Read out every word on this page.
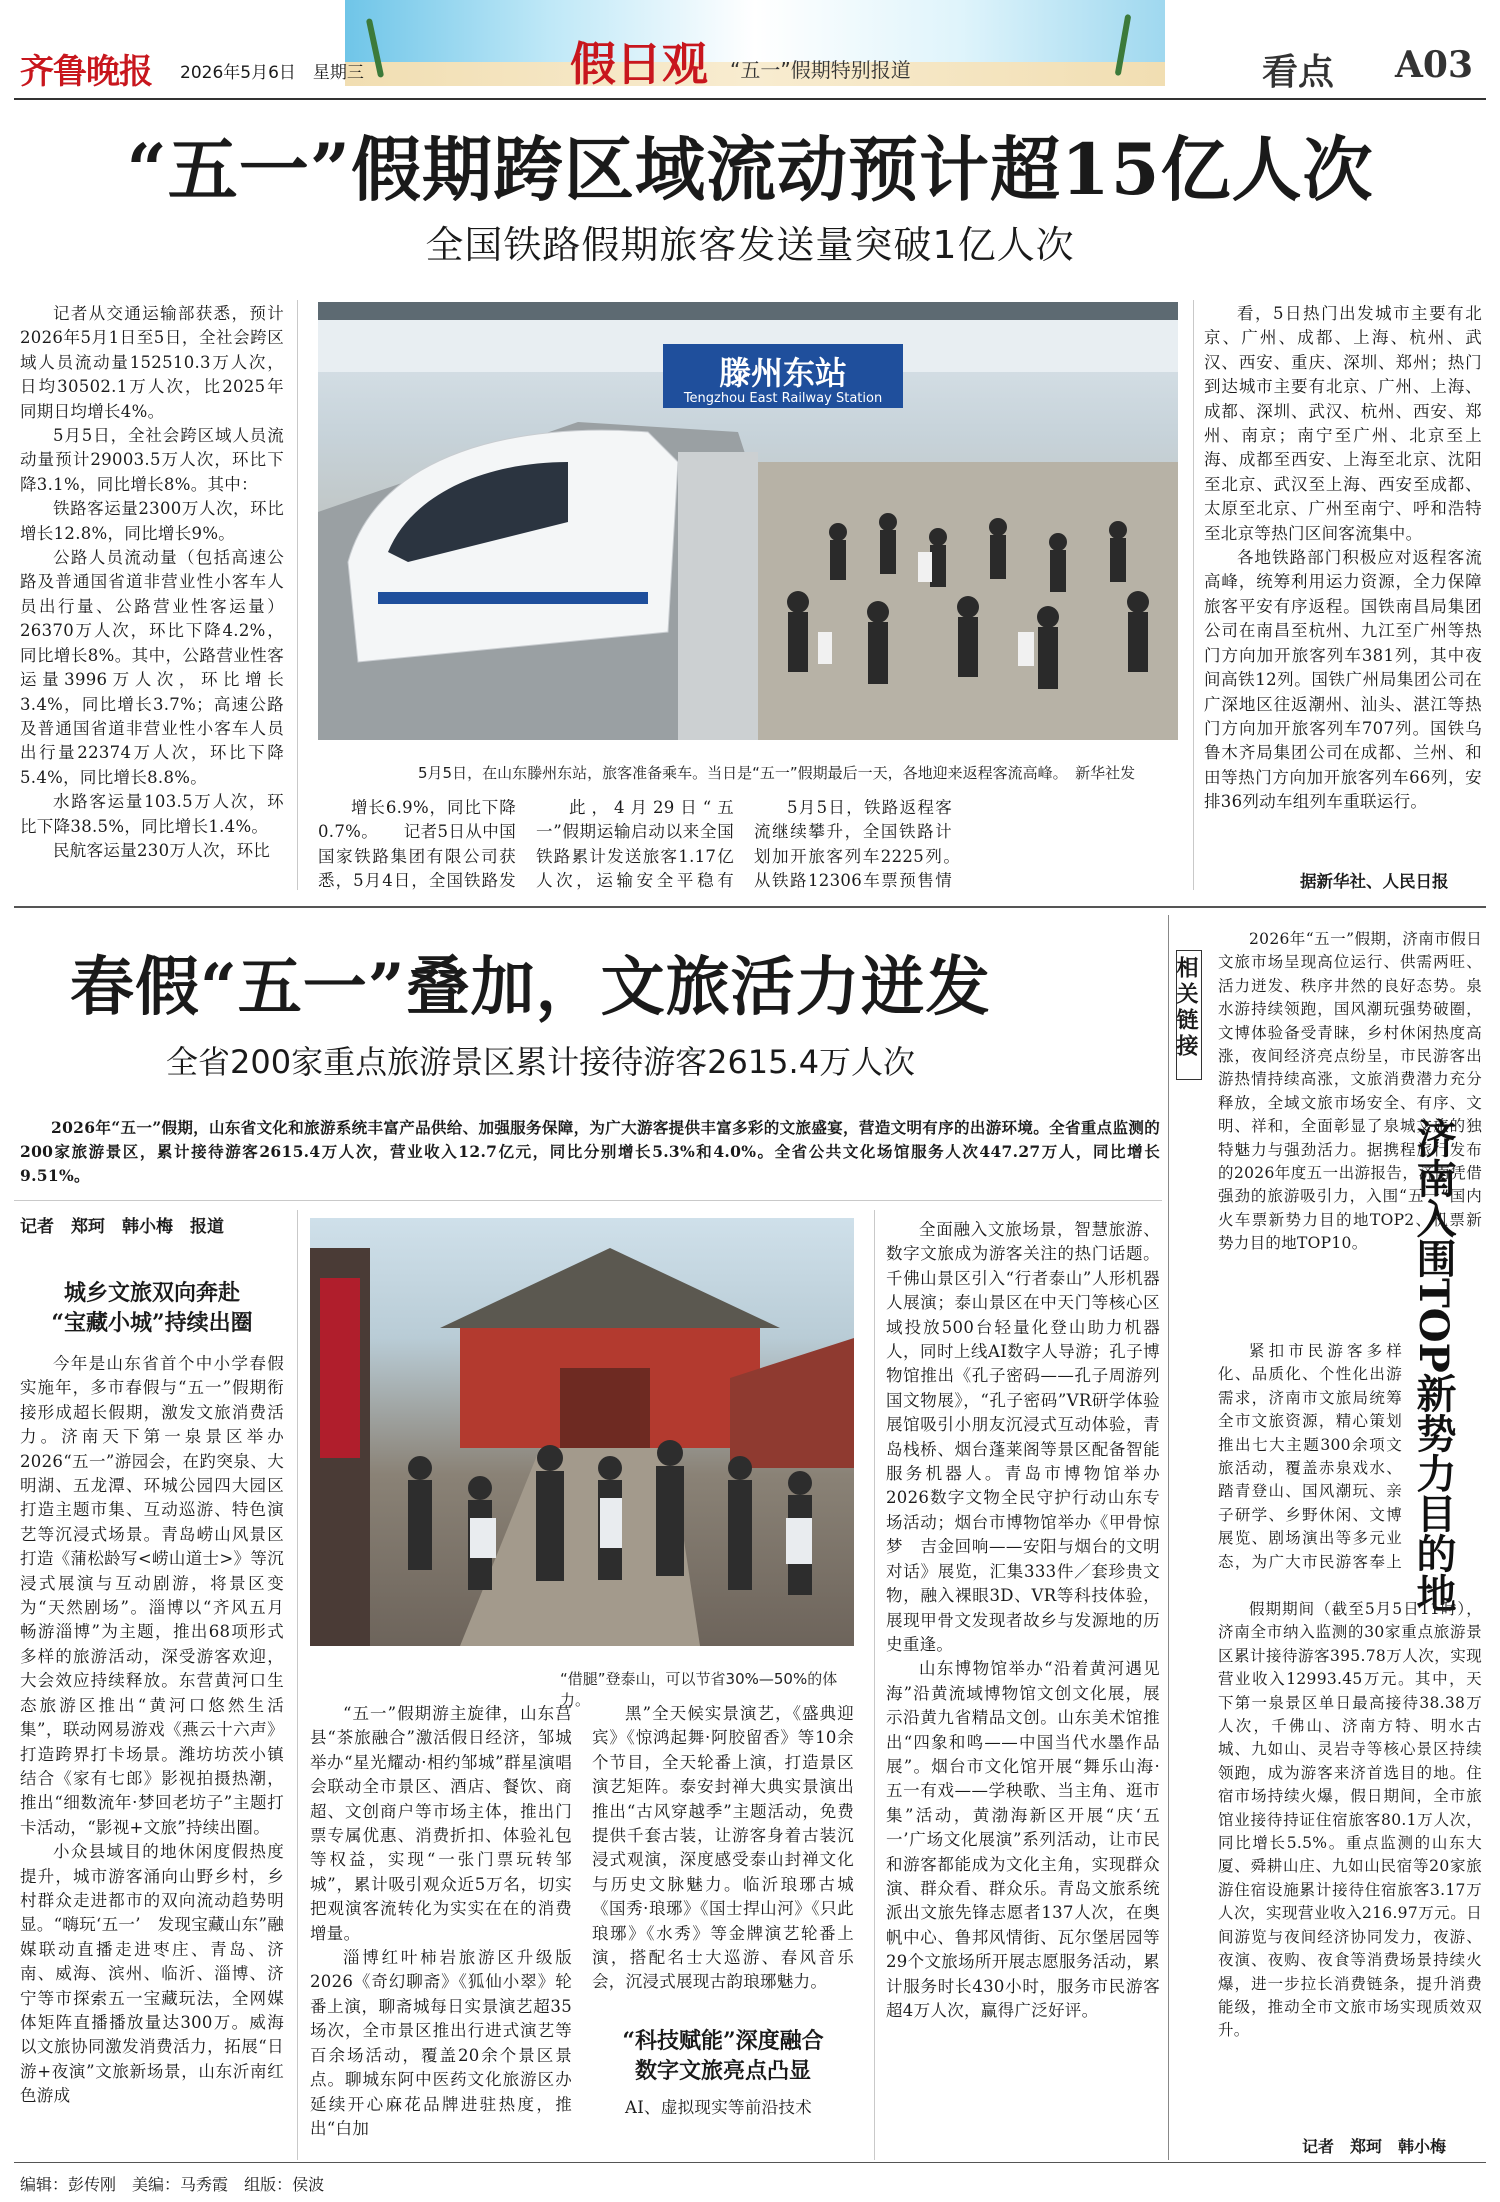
齐鲁晚报 2026年5月6日　 星期三	假日观 “五一”假期特别报道	看点 A03
“五一”假期跨区域流动预计超15亿人次
全国铁路假期旅客发送量突破1亿人次

记者从交通运输部获悉，预计2026年5月1日至5日，全社会跨区域人员流动量152510.3万人次，日均30502.1万人次，比2025年同期日均增长4%。

5月5日，全社会跨区域人员流动量预计29003.5万人次，环比下降3.1%，同比增长8%。其中：

铁路客运量2300万人次，环比增长12.8%，同比增长9%。

公路人员流动量（包括高速公路及普通国省道非营业性小客车人员出行量、公路营业性客运量）26370万人次，环比下降4.2%，同比增长8%。其中，公路营业性客运量3996万人次，环比增长3.4%，同比增长3.7%；高速公路及普通国省道非营业性小客车人员出行量22374万人次，环比下降5.4%，同比增长8.8%。

水路客运量103.5万人次，环比下降38.5%，同比增长1.4%。

民航客运量230万人次，环比

滕州东站
Tengzhou East Railway Station
5月5日，在山东滕州东站，旅客准备乘车。当日是“五一”假期最后一天，各地迎来返程客流高峰。　 新华社发

增长6.9%，同比下降0.7%。　　记者5日从中国国家铁路集团有限公司获悉，5月4日，全国铁路发

此，4月29日“五一”假期运输启动以来全国铁路累计发送旅客1.17亿人次，运输安全平稳有

5月5日，铁路返程客流继续攀升，全国铁路计划加开旅客列车2225列。　　从铁路12306车票预售情

看，5日热门出发城市主要有北京、广州、成都、上海、杭州、武汉、西安、重庆、深圳、郑州；热门到达城市主要有北京、广州、上海、成都、深圳、武汉、杭州、西安、郑州、南京；南宁至广州、北京至上海、成都至西安、上海至北京、沈阳至北京、武汉至上海、西安至成都、太原至北京、广州至南宁、呼和浩特至北京等热门区间客流集中。

各地铁路部门积极应对返程客流高峰，统筹利用运力资源，全力保障旅客平安有序返程。国铁南昌局集团公司在南昌至杭州、九江至广州等热门方向加开旅客列车381列，其中夜间高铁12列。国铁广州局集团公司在广深地区往返潮州、汕头、湛江等热门方向加开旅客列车707列。国铁乌鲁木齐局集团公司在成都、兰州、和田等热门方向加开旅客列车66列，安排36列动车组列车重联运行。

据新华社、人民日报
春假“五一”叠加，文旅活力迸发
全省200家重点旅游景区累计接待游客2615.4万人次

2026年“五一”假期，山东省文化和旅游系统丰富产品供给、加强服务保障，为广大游客提供丰富多彩的文旅盛宴，营造文明有序的出游环境。全省重点监测的200家旅游景区，累计接待游客2615.4万人次，营业收入12.7亿元，同比分别增长5.3%和4.0%。全省公共文化场馆服务人次447.27万人，同比增长9.51%。

记者　郑珂　韩小梅　报道
城乡文旅双向奔赴
“宝藏小城”持续出圈

今年是山东省首个中小学春假实施年，多市春假与“五一”假期衔接形成超长假期，激发文旅消费活力。济南天下第一泉景区举办2026“五一”游园会，在趵突泉、大明湖、五龙潭、环城公园四大园区打造主题市集、互动巡游、特色演艺等沉浸式场景。青岛崂山风景区打造《蒲松龄写<崂山道士>》等沉浸式展演与互动剧游，将景区变为“天然剧场”。淄博以“齐风五月　畅游淄博”为主题，推出68项形式多样的旅游活动，深受游客欢迎，大会效应持续释放。东营黄河口生态旅游区推出“黄河口悠然生活集”，联动网易游戏《燕云十六声》打造跨界打卡场景。潍坊坊茨小镇结合《家有七郎》影视拍摄热潮，推出“细数流年·梦回老坊子”主题打卡活动，“影视+文旅”持续出圈。

小众县域目的地休闲度假热度提升，城市游客涌向山野乡村，乡村群众走进都市的双向流动趋势明显。“嗨玩‘五一’　发现宝藏山东”融媒联动直播走进枣庄、青岛、济南、威海、滨州、临沂、淄博、济宁等市探索五一宝藏玩法，全网媒体矩阵直播播放量达300万。威海以文旅协同激发消费活力，拓展“日游+夜演”文旅新场景，山东沂南红色游成

“借腿”登泰山，可以节省30%—50%的体力。

“五一”假期游主旋律，山东莒县“茶旅融合”激活假日经济，邹城举办“星光耀动·相约邹城”群星演唱会联动全市景区、酒店、餐饮、商超、文创商户等市场主体，推出门票专属优惠、消费折扣、体验礼包等权益，实现“一张门票玩转邹城”，累计吸引观众近5万名，切实把观演客流转化为实实在在的消费增量。

淄博红叶柿岩旅游区升级版2026《奇幻聊斋》《狐仙小翠》轮番上演，聊斋城每日实景演艺超35场次，全市景区推出行进式演艺等百余场活动，覆盖20余个景区景点。聊城东阿中医药文化旅游区办延续开心麻花品牌进驻热度，推出“白加

黑”全天候实景演艺，《盛典迎宾》《惊鸿起舞·阿胶留香》等10余个节目，全天轮番上演，打造景区演艺矩阵。泰安封禅大典实景演出推出“古风穿越季”主题活动，免费提供千套古装，让游客身着古装沉浸式观演，深度感受泰山封禅文化与历史文脉魅力。临沂琅琊古城《国秀·琅琊》《国士捍山河》《只此琅琊》《水秀》等金牌演艺轮番上演，搭配名士大巡游、春风音乐会，沉浸式展现古韵琅琊魅力。

“科技赋能”深度融合
数字文旅亮点凸显

AI、虚拟现实等前沿技术

全面融入文旅场景，智慧旅游、数字文旅成为游客关注的热门话题。千佛山景区引入“行者泰山”人形机器人展演；泰山景区在中天门等核心区域投放500台轻量化登山助力机器人，同时上线AI数字人导游；孔子博物馆推出《孔子密码——孔子周游列国文物展》，“孔子密码”VR研学体验展馆吸引小朋友沉浸式互动体验，青岛栈桥、烟台蓬莱阁等景区配备智能服务机器人。青岛市博物馆举办2026数字文物全民守护行动山东专场活动；烟台市博物馆举办《甲骨惊梦　吉金回响——安阳与烟台的文明对话》展览，汇集333件／套珍贵文物，融入裸眼3D、VR等科技体验，展现甲骨文发现者故乡与发源地的历史重逢。

山东博物馆举办“沿着黄河遇见海”沿黄流域博物馆文创文化展，展示沿黄九省精品文创。山东美术馆推出“四象和鸣——中国当代水墨作品展”。烟台市文化馆开展“舞乐山海·五一有戏——学秧歌、当主角、逛市集”活动，黄渤海新区开展“庆‘五一’广场文化展演”系列活动，让市民和游客都能成为文化主角，实现群众演、群众看、群众乐。青岛文旅系统派出文旅先锋志愿者137人次，在奥帆中心、鲁邦风情街、瓦尔堡居园等29个文旅场所开展志愿服务活动，累计服务时长430小时，服务市民游客超4万人次，赢得广泛好评。

相关链接

2026年“五一”假期，济南市假日文旅市场呈现高位运行、供需两旺、活力迸发、秩序井然的良好态势。泉水游持续领跑，国风潮玩强势破圈，文博体验备受青睐，乡村休闲热度高涨，夜间经济亮点纷呈，市民游客出游热情持续高涨，文旅消费潜力充分释放，全域文旅市场安全、有序、文明、祥和，全面彰显了泉城文旅的独特魅力与强劲活力。据携程旅行发布的2026年度五一出游报告，济南凭借强劲的旅游吸引力，入围“五一”国内火车票新势力目的地TOP2、机票新势力目的地TOP10。	济南入围TOP新势力目的地

紧扣市民游客多样化、品质化、个性化出游需求，济南市文旅局统筹全市文旅资源，精心策划推出七大主题300余项文旅活动，覆盖赤泉戏水、踏青登山、国风潮玩、亲子研学、乡野休闲、文博展览、剧场演出等多元业态，为广大市民游客奉上

假期期间（截至5月5日11时），济南全市纳入监测的30家重点旅游景区累计接待游客395.78万人次，实现营业收入12993.45万元。其中，天下第一泉景区单日最高接待38.38万人次，千佛山、济南方特、明水古城、九如山、灵岩寺等核心景区持续领跑，成为游客来济首选目的地。住宿市场持续火爆，假日期间，全市旅馆业接待持证住宿旅客80.1万人次，同比增长5.5%。重点监测的山东大厦、舜耕山庄、九如山民宿等20家旅游住宿设施累计接待住宿旅客3.17万人次，实现营业收入216.97万元。日间游览与夜间经济协同发力，夜游、夜演、夜购、夜食等消费场景持续火爆，进一步拉长消费链条，提升消费能级，推动全市文旅市场实现质效双升。

记者　郑珂　韩小梅
编辑：彭传刚　 美编：马秀霞　 组版：侯波
